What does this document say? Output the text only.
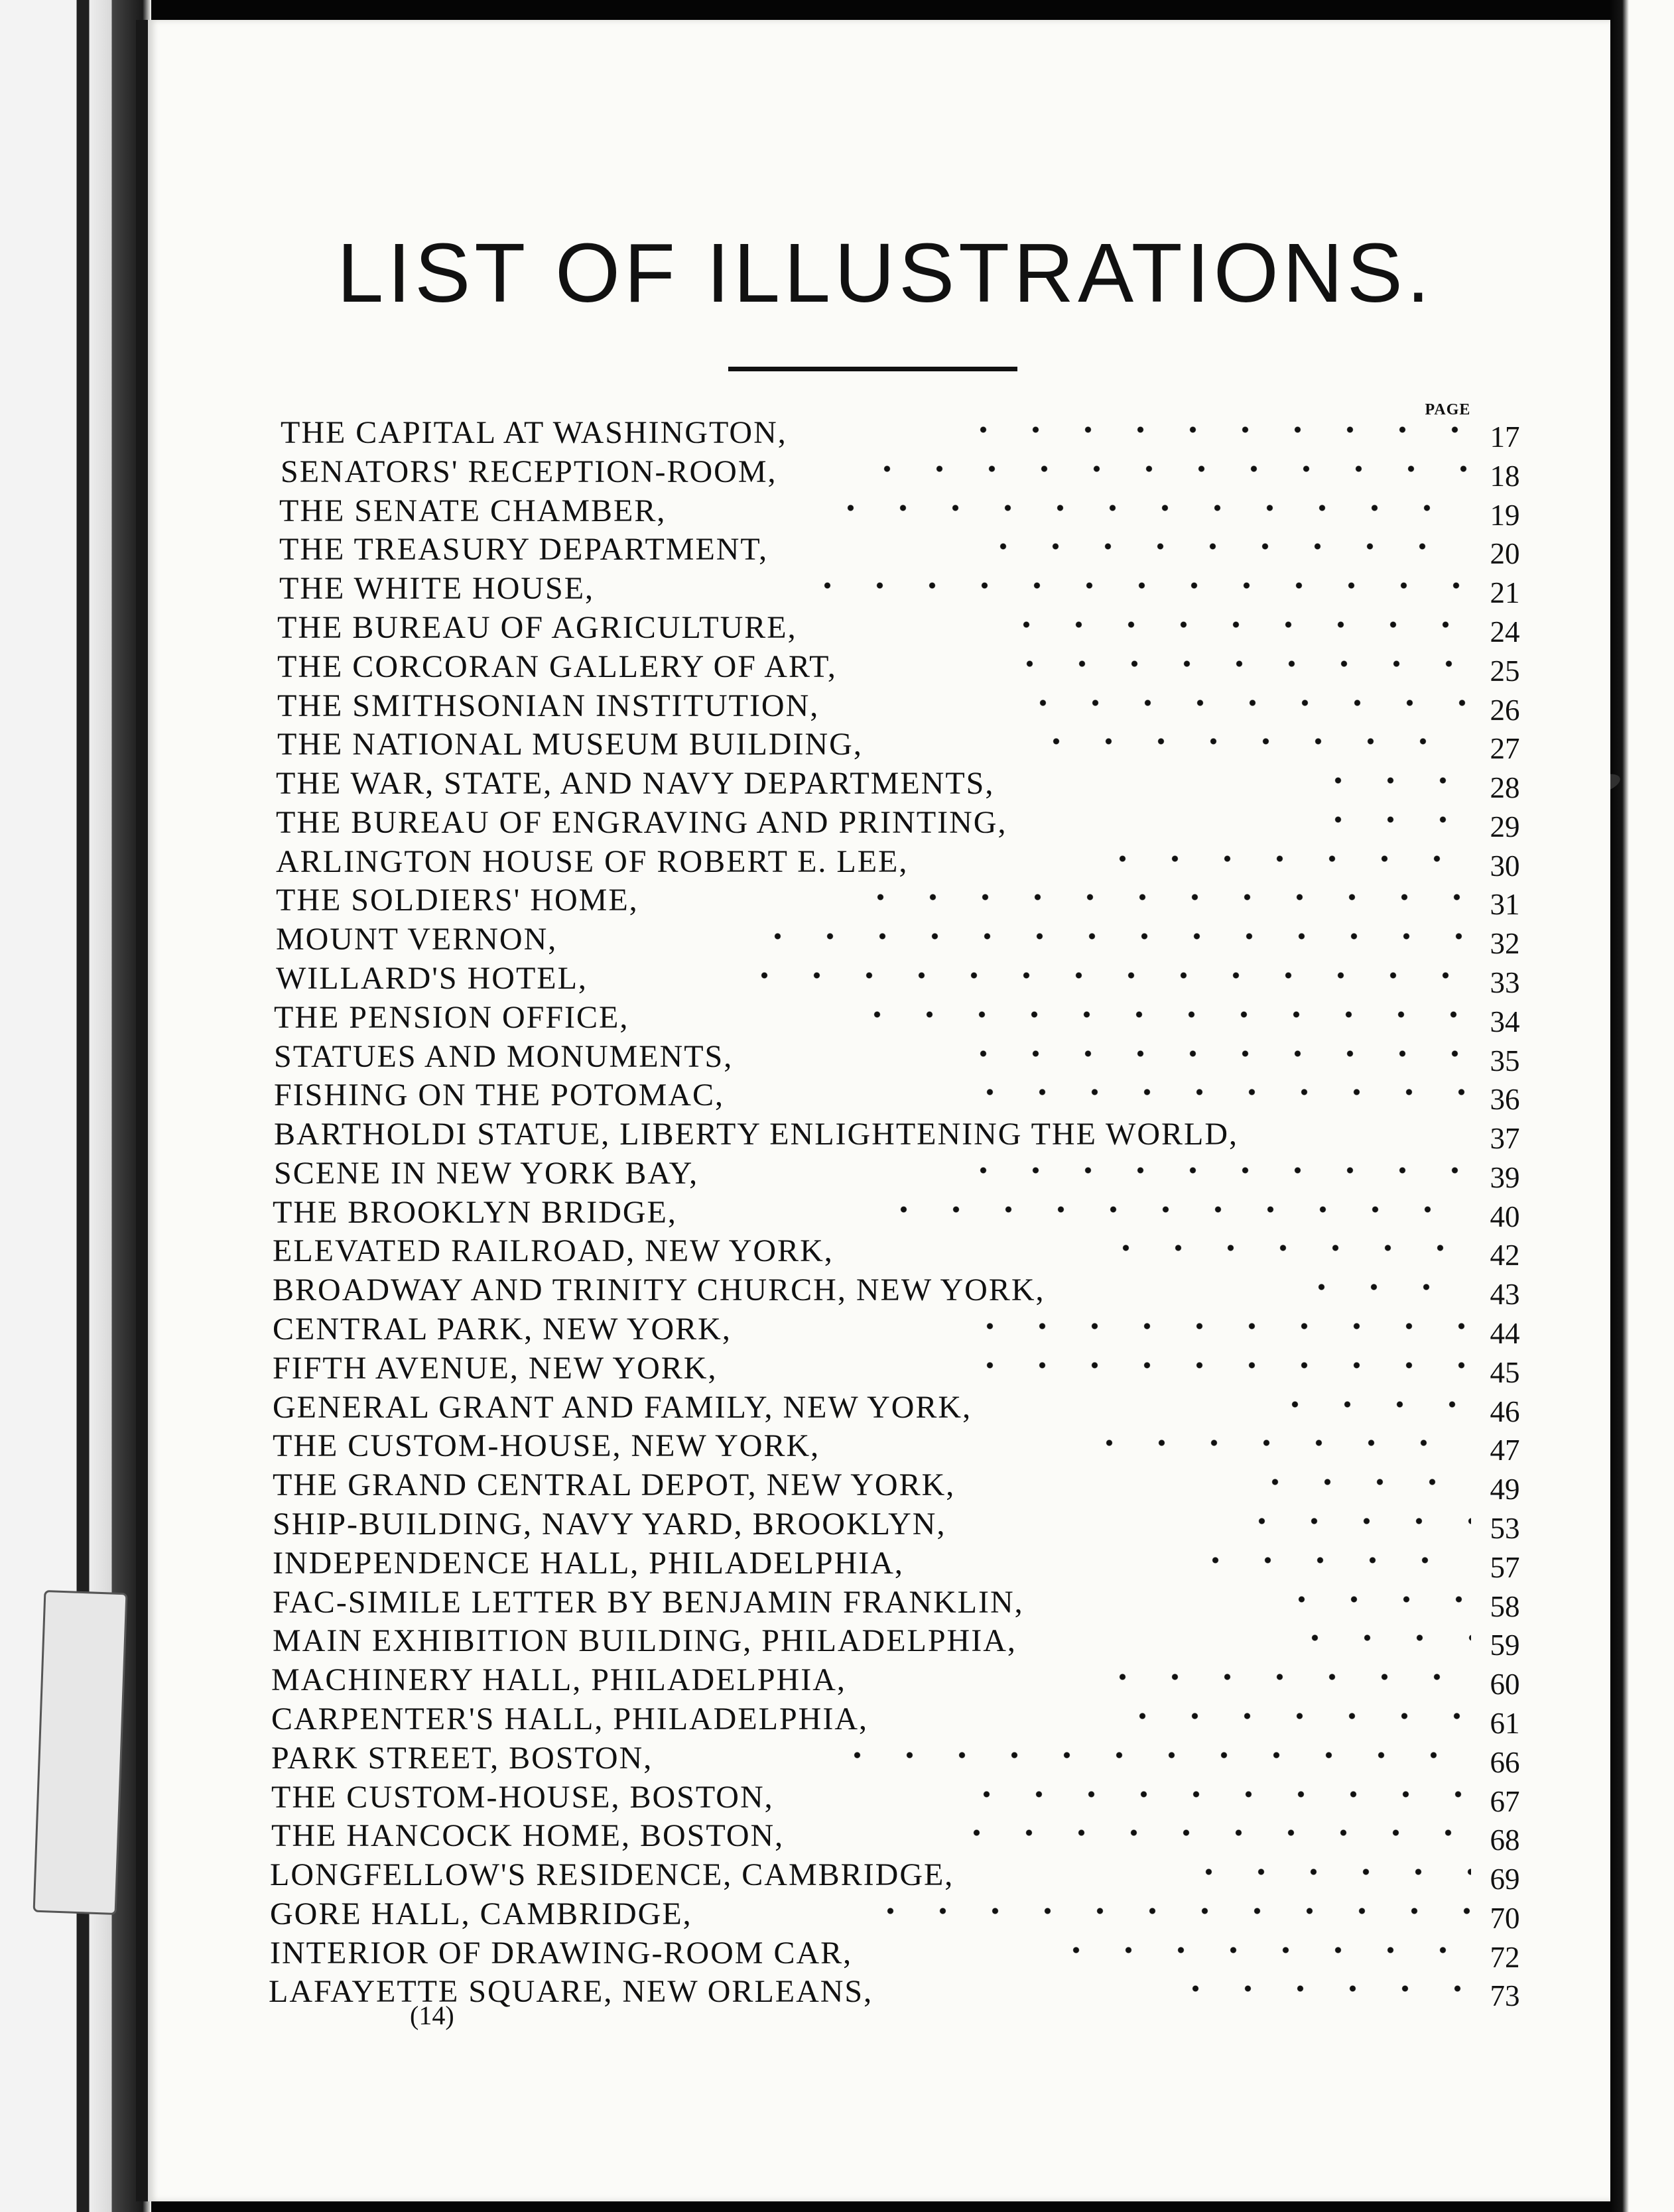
LIST OF ILLUSTRATIONS.
PAGE
THE CAPITAL AT WASHINGTON,	17
SENATORS' RECEPTION-ROOM,	18
THE SENATE CHAMBER,	19
THE TREASURY DEPARTMENT,	20
THE WHITE HOUSE,	21
THE BUREAU OF AGRICULTURE,	24
THE CORCORAN GALLERY OF ART,	25
THE SMITHSONIAN INSTITUTION,	26
THE NATIONAL MUSEUM BUILDING,	27
THE WAR, STATE, AND NAVY DEPARTMENTS,	28
THE BUREAU OF ENGRAVING AND PRINTING,	29
ARLINGTON HOUSE OF ROBERT E. LEE,	30
THE SOLDIERS' HOME,	31
MOUNT VERNON,	32
WILLARD'S HOTEL,	33
THE PENSION OFFICE,	34
STATUES AND MONUMENTS,	35
FISHING ON THE POTOMAC,	36
BARTHOLDI STATUE, LIBERTY ENLIGHTENING THE WORLD,	37
SCENE IN NEW YORK BAY,	39
THE BROOKLYN BRIDGE,	40
ELEVATED RAILROAD, NEW YORK,	42
BROADWAY AND TRINITY CHURCH, NEW YORK,	43
CENTRAL PARK, NEW YORK,	44
FIFTH AVENUE, NEW YORK,	45
GENERAL GRANT AND FAMILY, NEW YORK,	46
THE CUSTOM-HOUSE, NEW YORK,	47
THE GRAND CENTRAL DEPOT, NEW YORK,	49
SHIP-BUILDING, NAVY YARD, BROOKLYN,	53
INDEPENDENCE HALL, PHILADELPHIA,	57
FAC-SIMILE LETTER BY BENJAMIN FRANKLIN,	58
MAIN EXHIBITION BUILDING, PHILADELPHIA,	59
MACHINERY HALL, PHILADELPHIA,	60
CARPENTER'S HALL, PHILADELPHIA,	61
PARK STREET, BOSTON,	66
THE CUSTOM-HOUSE, BOSTON,	67
THE HANCOCK HOME, BOSTON,	68
LONGFELLOW'S RESIDENCE, CAMBRIDGE,	69
GORE HALL, CAMBRIDGE,	70
INTERIOR OF DRAWING-ROOM CAR,	72
LAFAYETTE SQUARE, NEW ORLEANS,	73
(14)
